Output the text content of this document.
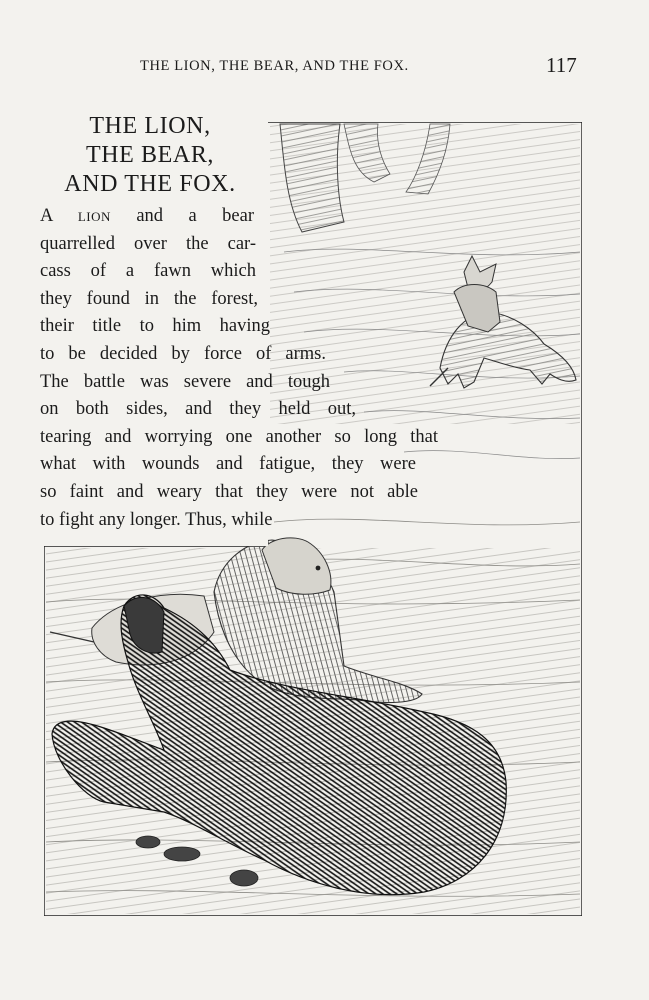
THE LION, THE BEAR, AND THE FOX.	117
THE LION,
THE BEAR,
AND THE FOX.
A lion and a bear
quarrelled over the car-
cass of a fawn which
they found in the forest,
their title to him having
to be decided by force of arms.
The battle was severe and tough
on both sides, and they held out,
tearing and worrying one another so long that
what with wounds and fatigue, they were
so faint and weary that they were not able
to fight any longer. Thus, while
